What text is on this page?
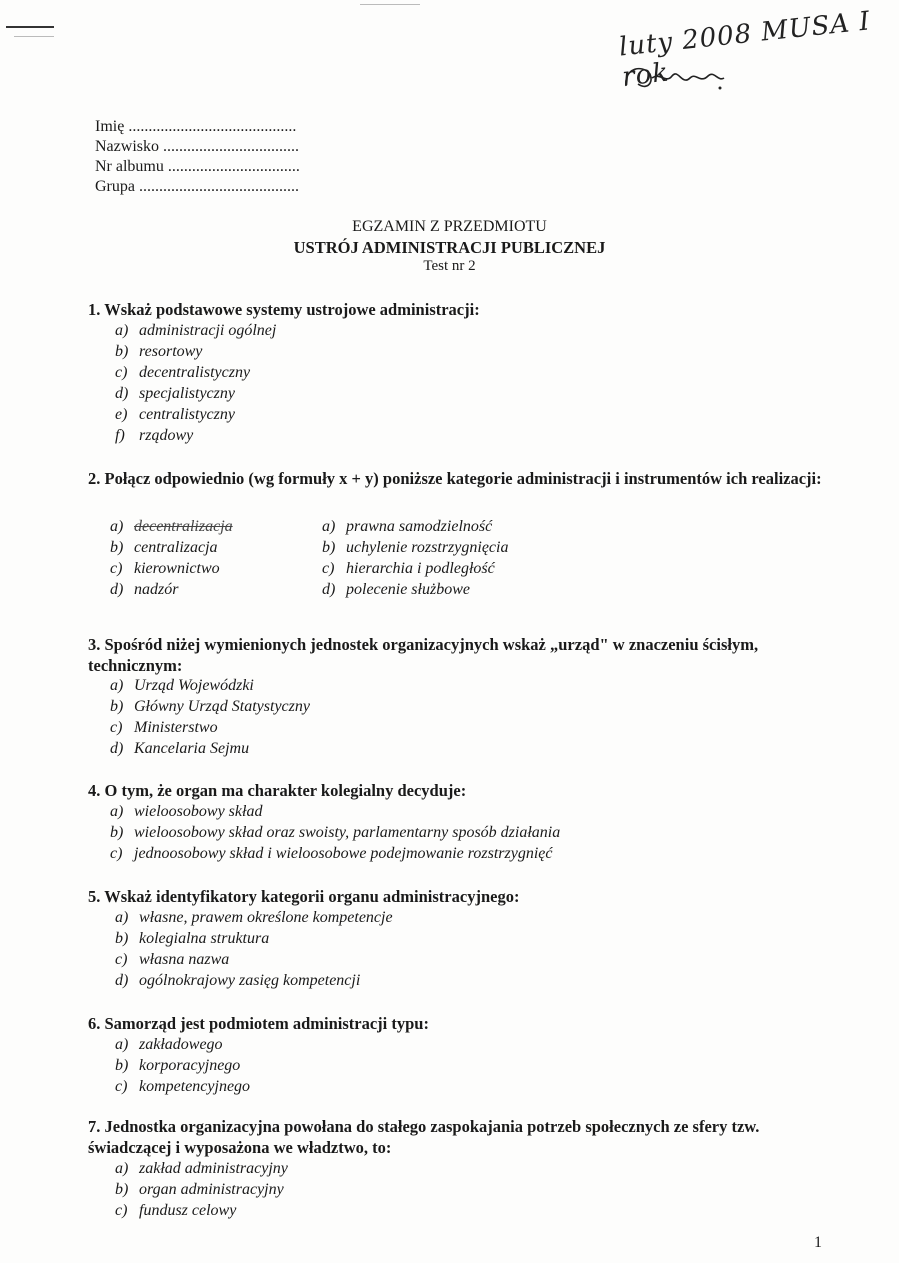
luty 2008 MUSA I rok
Imię ..........................................
Nazwisko ..................................
Nr albumu .................................
Grupa ........................................
EGZAMIN Z PRZEDMIOTU
USTRÓJ ADMINISTRACJI PUBLICZNEJ
Test nr 2
1. Wskaż podstawowe systemy ustrojowe administracji:
a) administracji ogólnej
b) resortowy
c) decentralistyczny
d) specjalistyczny
e) centralistyczny
f) rządowy
2. Połącz odpowiednio (wg formuły x + y) poniższe kategorie administracji i instrumentów ich realizacji:
a) decentralizacja
b) centralizacja
c) kierownictwo
d) nadzór
a) prawna samodzielność
b) uchylenie rozstrzygnięcia
c) hierarchia i podległość
d) polecenie służbowe
3. Spośród niżej wymienionych jednostek organizacyjnych wskaż „urząd" w znaczeniu ścisłym, technicznym:
a) Urząd Wojewódzki
b) Główny Urząd Statystyczny
c) Ministerstwo
d) Kancelaria Sejmu
4. O tym, że organ ma charakter kolegialny decyduje:
a) wieloosobowy skład
b) wieloosobowy skład oraz swoisty, parlamentarny sposób działania
c) jednoosobowy skład i wieloosobowe podejmowanie rozstrzygnięć
5. Wskaż identyfikatory kategorii organu administracyjnego:
a) własne, prawem określone kompetencje
b) kolegialna struktura
c) własna nazwa
d) ogólnokrajowy zasięg kompetencji
6. Samorząd jest podmiotem administracji typu:
a) zakładowego
b) korporacyjnego
c) kompetencyjnego
7. Jednostka organizacyjna powołana do stałego zaspokajania potrzeb społecznych ze sfery tzw. świadczącej i wyposażona we władztwo, to:
a) zakład administracyjny
b) organ administracyjny
c) fundusz celowy
1
